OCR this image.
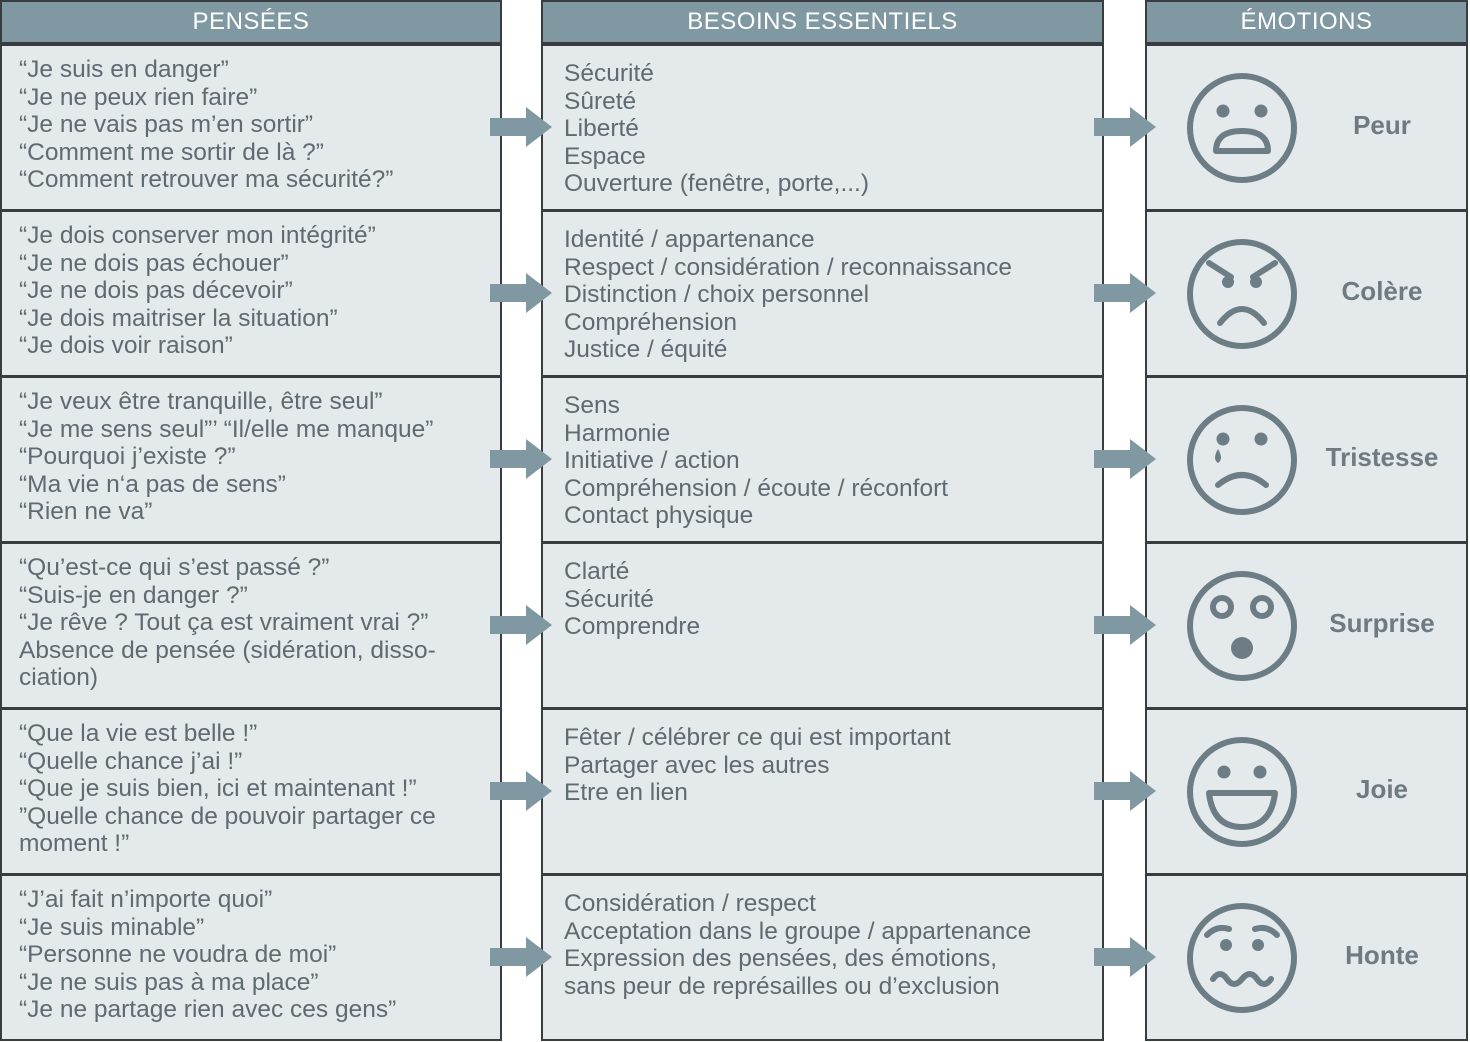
PENSÉES
“Je suis en danger”
“Je ne peux rien faire”
“Je ne vais pas m’en sortir”
“Comment me sortir de là ?”
“Comment retrouver ma sécurité?”
“Je dois conserver mon intégrité”
“Je ne dois pas échouer”
“Je ne dois pas décevoir”
“Je dois maitriser la situation”
“Je dois voir raison”
“Je veux être tranquille, être seul”
“Je me sens seul”’ “Il/elle me manque”
“Pourquoi j’existe ?”
“Ma vie n‘a pas de sens”
“Rien ne va”
“Qu’est-ce qui s’est passé ?”
“Suis-je en danger ?”
“Je rêve ? Tout ça est vraiment vrai ?”
Absence de pensée (sidération, disso-
ciation)
“Que la vie est belle !”
“Quelle chance j’ai !”
“Que je suis bien, ici et maintenant !”
”Quelle chance de pouvoir partager ce
moment !”
“J’ai fait n’importe quoi”
“Je suis minable”
“Personne ne voudra de moi”
“Je ne suis pas à ma place”
“Je ne partage rien avec ces gens”
BESOINS ESSENTIELS
Sécurité
Sûreté
Liberté
Espace
Ouverture (fenêtre, porte,...)
Identité / appartenance
Respect / considération / reconnaissance
Distinction / choix personnel
Compréhension
Justice / équité
Sens
Harmonie
Initiative / action
Compréhension / écoute / réconfort
Contact physique
Clarté
Sécurité
Comprendre
Fêter / célébrer ce qui est important
Partager avec les autres
Etre en lien
Considération / respect
Acceptation dans le groupe / appartenance
Expression des pensées, des émotions,
sans peur de représailles ou d’exclusion
ÉMOTIONS
Peur
Colère
Tristesse
Surprise
Joie
Honte
